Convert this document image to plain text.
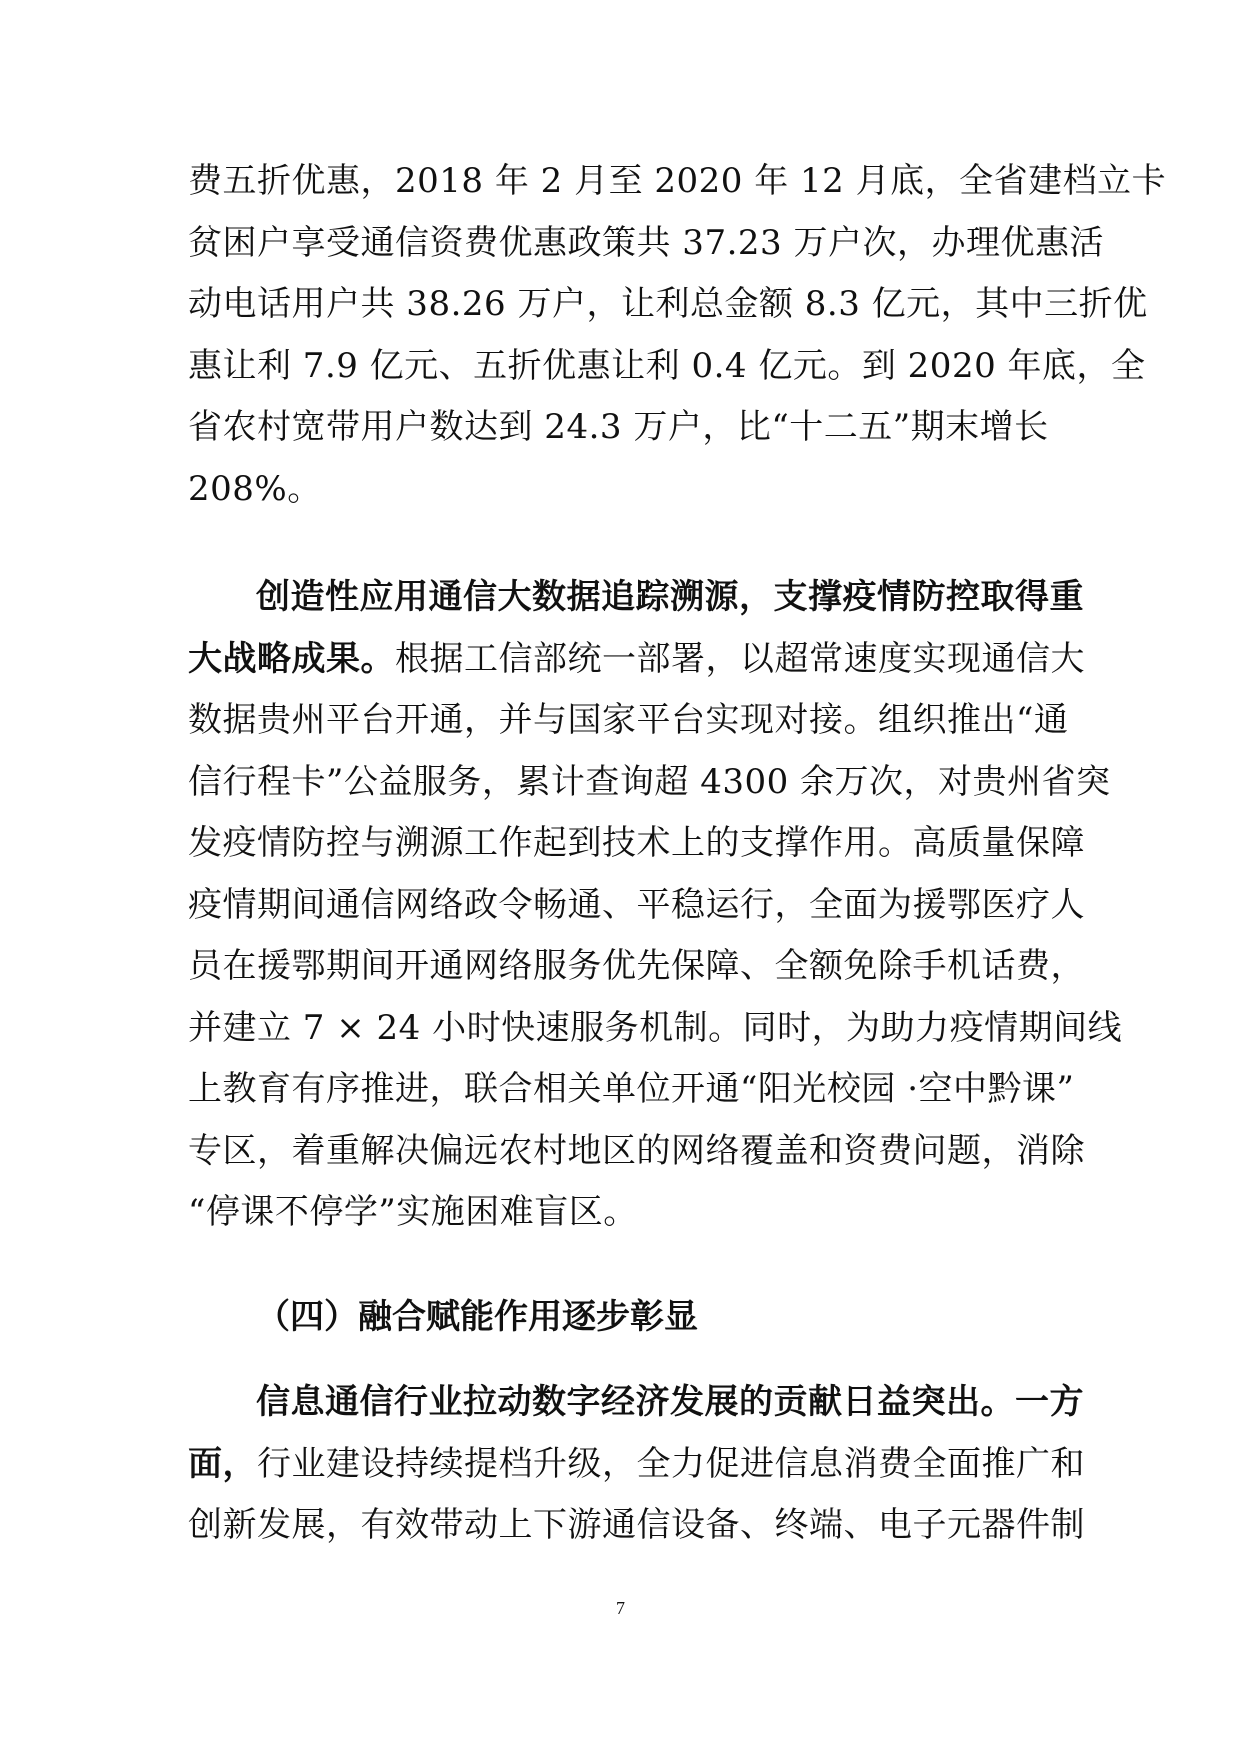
费五折优惠，2018 年 2 月至 2020 年 12 月底，全省建档立卡
贫困户享受通信资费优惠政策共 37.23 万户次，办理优惠活
动电话用户共 38.26 万户，让利总金额 8.3 亿元，其中三折优
惠让利 7.9 亿元、五折优惠让利 0.4 亿元。到 2020 年底，全
省农村宽带用户数达到 24.3 万户，比“十二五”期末增长
208%。
创造性应用通信大数据追踪溯源，支撑疫情防控取得重
大战略成果。根据工信部统一部署，以超常速度实现通信大
数据贵州平台开通，并与国家平台实现对接。组织推出“通
信行程卡”公益服务，累计查询超 4300 余万次，对贵州省突
发疫情防控与溯源工作起到技术上的支撑作用。高质量保障
疫情期间通信网络政令畅通、平稳运行，全面为援鄂医疗人
员在援鄂期间开通网络服务优先保障、全额免除手机话费，
并建立 7 × 24 小时快速服务机制。同时，为助力疫情期间线
上教育有序推进，联合相关单位开通“阳光校园 ·空中黔课”
专区，着重解决偏远农村地区的网络覆盖和资费问题，消除
“停课不停学”实施困难盲区。
（四）融合赋能作用逐步彰显
信息通信行业拉动数字经济发展的贡献日益突出。一方
面，行业建设持续提档升级，全力促进信息消费全面推广和
创新发展，有效带动上下游通信设备、终端、电子元器件制
7
